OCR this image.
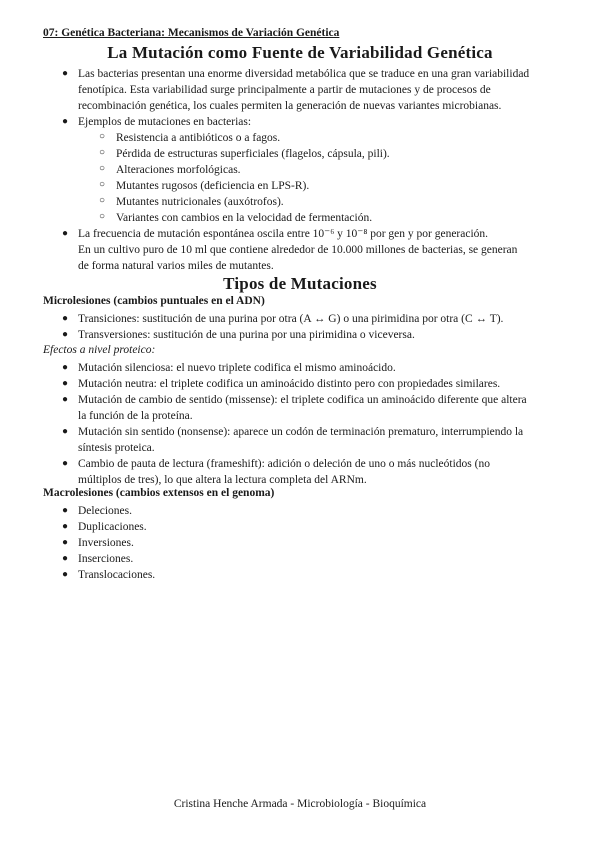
07: Genética Bacteriana: Mecanismos de Variación Genética
La Mutación como Fuente de Variabilidad Genética
● Las bacterias presentan una enorme diversidad metabólica que se traduce en una gran variabilidad
fenotípica. Esta variabilidad surge principalmente a partir de mutaciones y de procesos de
recombinación genética, los cuales permiten la generación de nuevas variantes microbianas.
● Ejemplos de mutaciones en bacterias:
○ Resistencia a antibióticos o a fagos.
○ Pérdida de estructuras superficiales (flagelos, cápsula, pili).
○ Alteraciones morfológicas.
○ Mutantes rugosos (deficiencia en LPS-R).
○ Mutantes nutricionales (auxótrofos).
○ Variantes con cambios en la velocidad de fermentación.
● La frecuencia de mutación espontánea oscila entre 10⁻⁶ y 10⁻⁸ por gen y por generación.
En un cultivo puro de 10 ml que contiene alrededor de 10.000 millones de bacterias, se generan
de forma natural varios miles de mutantes.
Tipos de Mutaciones
Microlesiones (cambios puntuales en el ADN)
● Transiciones: sustitución de una purina por otra (A ↔ G) o una pirimidina por otra (C ↔ T).
● Transversiones: sustitución de una purina por una pirimidina o viceversa.
Efectos a nivel proteico:
● Mutación silenciosa: el nuevo triplete codifica el mismo aminoácido.
● Mutación neutra: el triplete codifica un aminoácido distinto pero con propiedades similares.
● Mutación de cambio de sentido (missense): el triplete codifica un aminoácido diferente que altera
la función de la proteína.
● Mutación sin sentido (nonsense): aparece un codón de terminación prematuro, interrumpiendo la
síntesis proteica.
● Cambio de pauta de lectura (frameshift): adición o deleción de uno o más nucleótidos (no
múltiplos de tres), lo que altera la lectura completa del ARNm.
Macrolesiones (cambios extensos en el genoma)
● Deleciones.
● Duplicaciones.
● Inversiones.
● Inserciones.
● Translocaciones.
Cristina Henche Armada - Microbiología - Bioquímica
